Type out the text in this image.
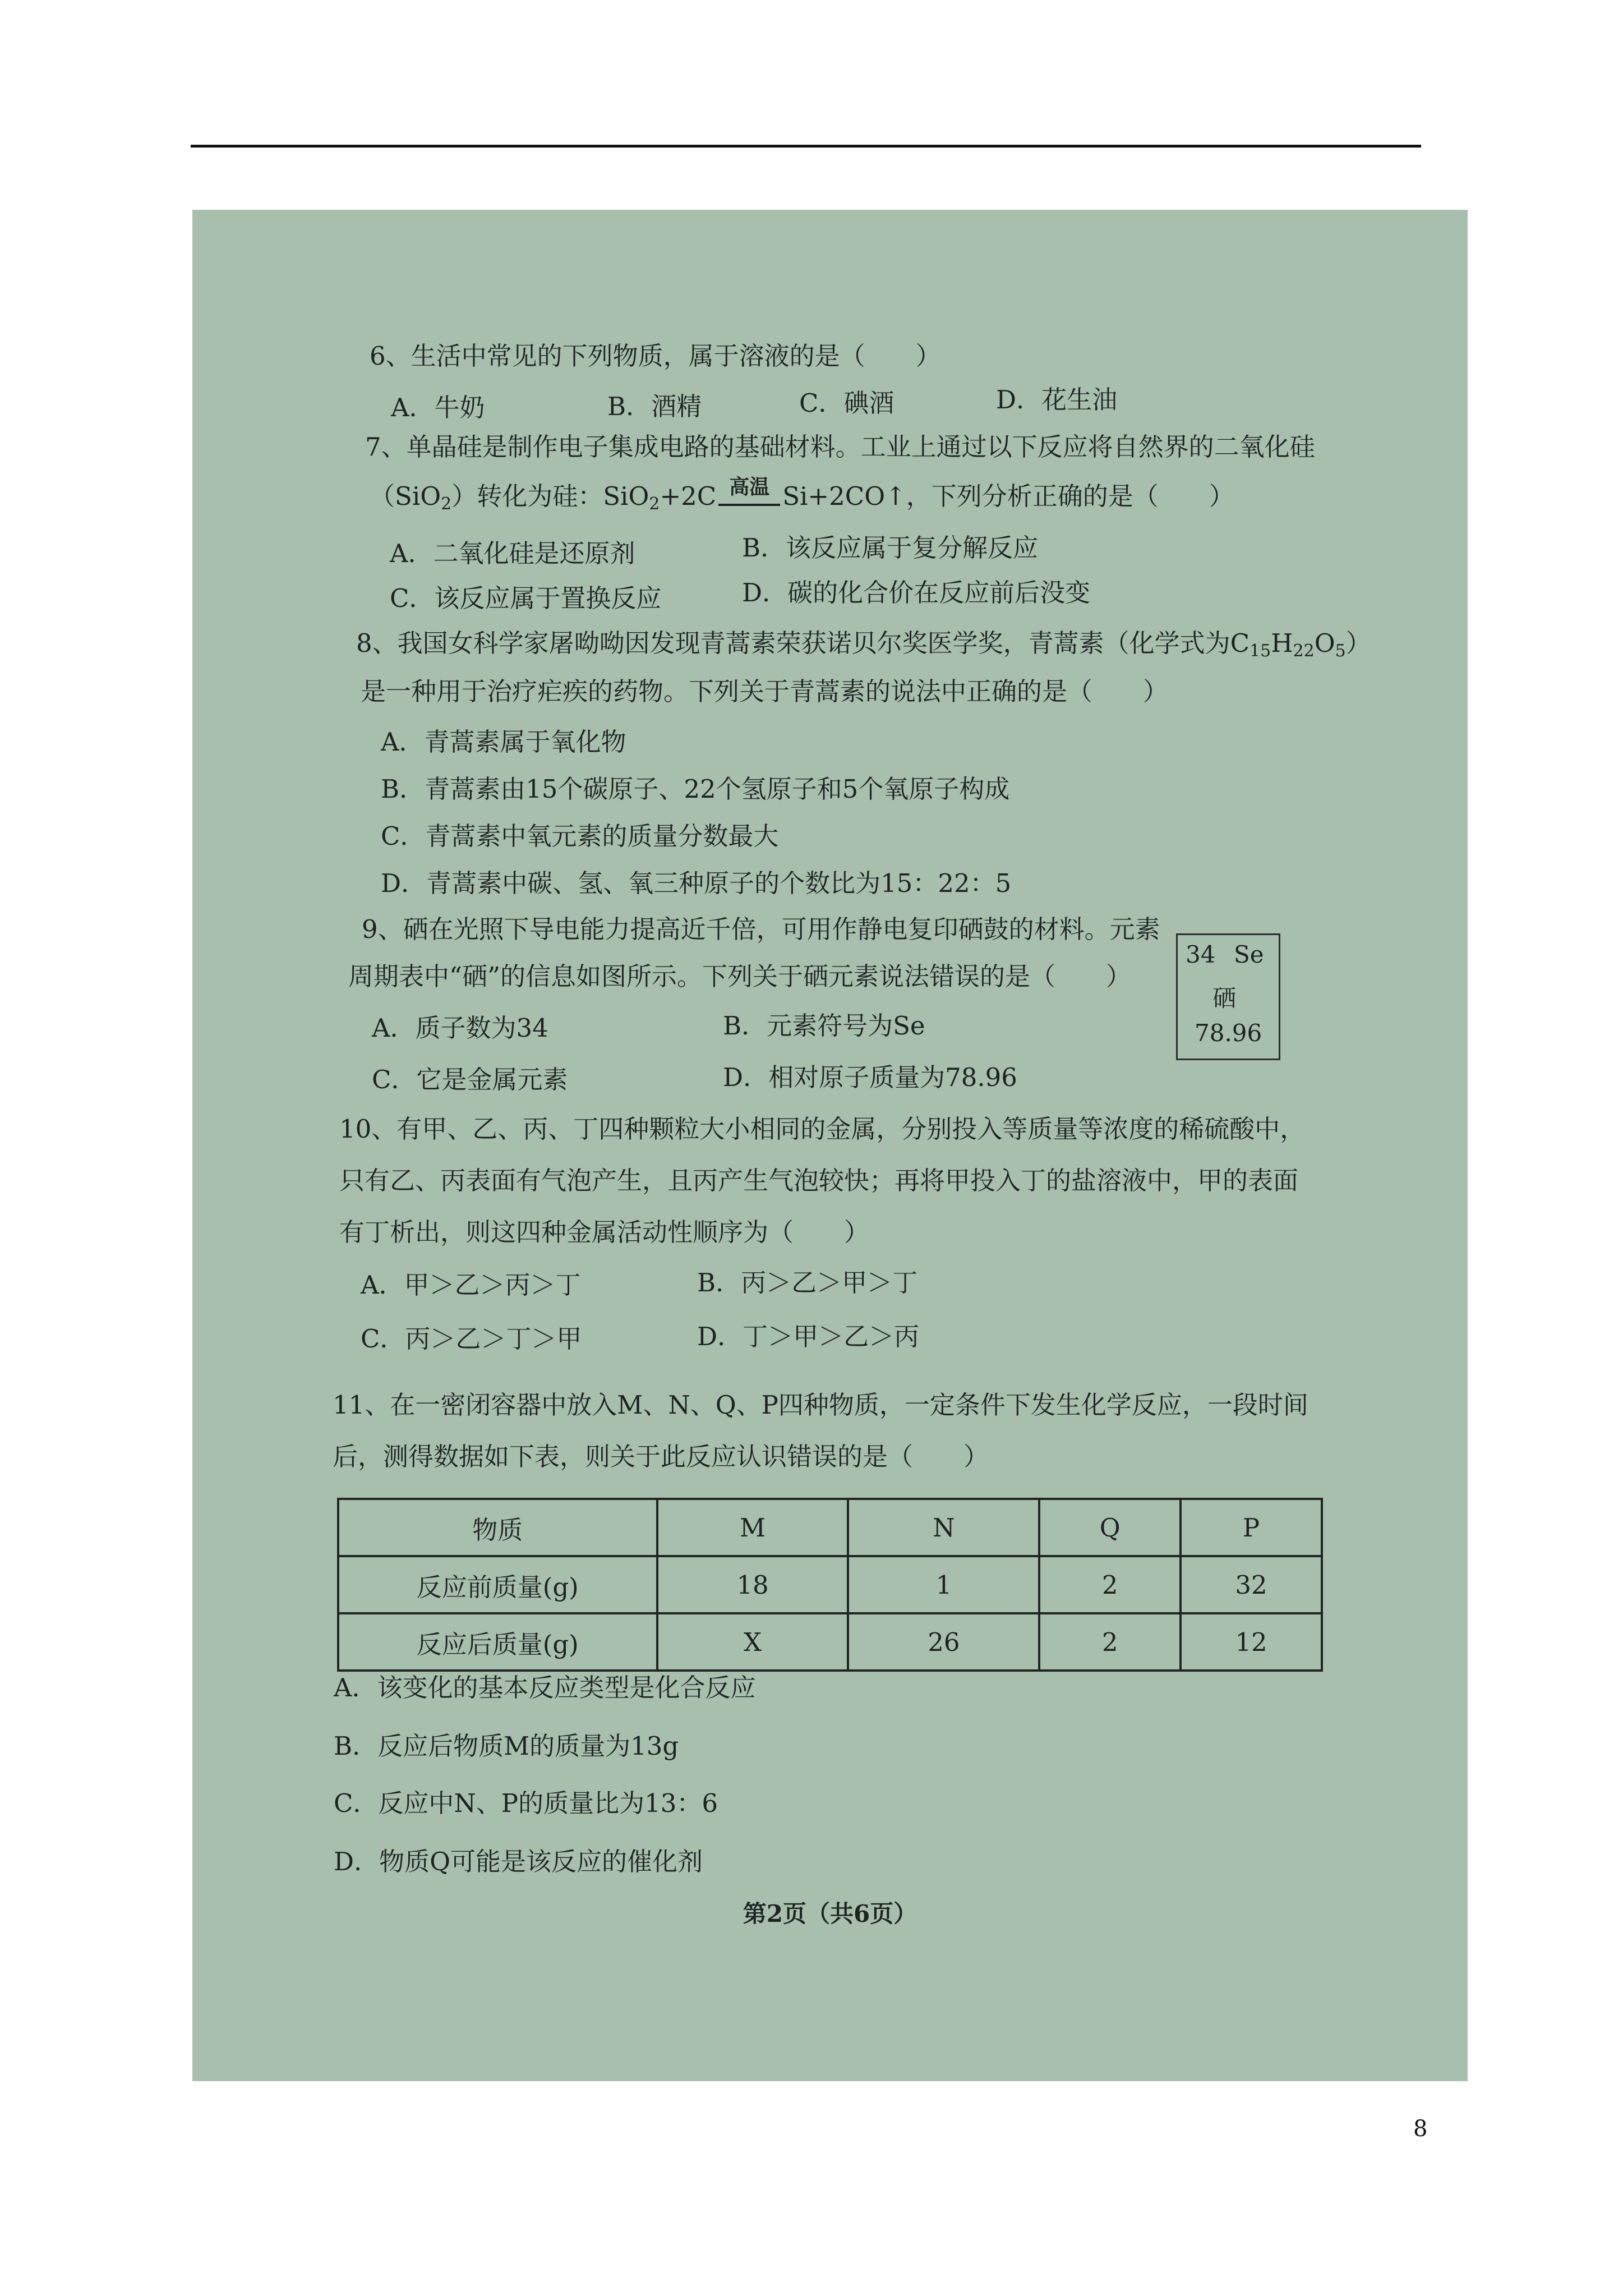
6、生活中常见的下列物质，属于溶液的是（　　）
A．牛奶	B．酒精	C．碘酒	D．花生油
7、单晶硅是制作电子集成电路的基础材料。工业上通过以下反应将自然界的二氧化硅
（SiO$_2$）转化为硅：SiO$_2$+2C 高温 Si+2CO↑，下列分析正确的是（　　）
A．二氧化硅是还原剂	B．该反应属于复分解反应
C．该反应属于置换反应	D．碳的化合价在反应前后没变
8、我国女科学家屠呦呦因发现青蒿素荣获诺贝尔奖医学奖，青蒿素（化学式为$C_{15}H_{22}O_5$）
是一种用于治疗疟疾的药物。下列关于青蒿素的说法中正确的是（　　）
A．青蒿素属于氧化物
B．青蒿素由15个碳原子、22个氢原子和5个氧原子构成
C．青蒿素中氧元素的质量分数最大
D．青蒿素中碳、氢、氧三种原子的个数比为15：22：5
9、硒在光照下导电能力提高近千倍，可用作静电复印硒鼓的材料。元素
周期表中“硒”的信息如图所示。下列关于硒元素说法错误的是（　　）
A．质子数为34	B．元素符号为Se
C．它是金属元素	D．相对原子质量为78.96
34 Se
硒
78.96
10、有甲、乙、丙、丁四种颗粒大小相同的金属，分别投入等质量等浓度的稀硫酸中，
只有乙、丙表面有气泡产生，且丙产生气泡较快；再将甲投入丁的盐溶液中，甲的表面
有丁析出，则这四种金属活动性顺序为（　　）
A．甲＞乙＞丙＞丁	B．丙＞乙＞甲＞丁
C．丙＞乙＞丁＞甲	D．丁＞甲＞乙＞丙
11、在一密闭容器中放入M、N、Q、P四种物质，一定条件下发生化学反应，一段时间
后，测得数据如下表，则关于此反应认识错误的是（　　）
物质	M	N	Q	P
反应前质量(g)	18	1	2	32
反应后质量(g)	X	26	2	12
A．该变化的基本反应类型是化合反应
B．反应后物质M的质量为13g
C．反应中N、P的质量比为13：6
D．物质Q可能是该反应的催化剂
第2页（共6页）
8
